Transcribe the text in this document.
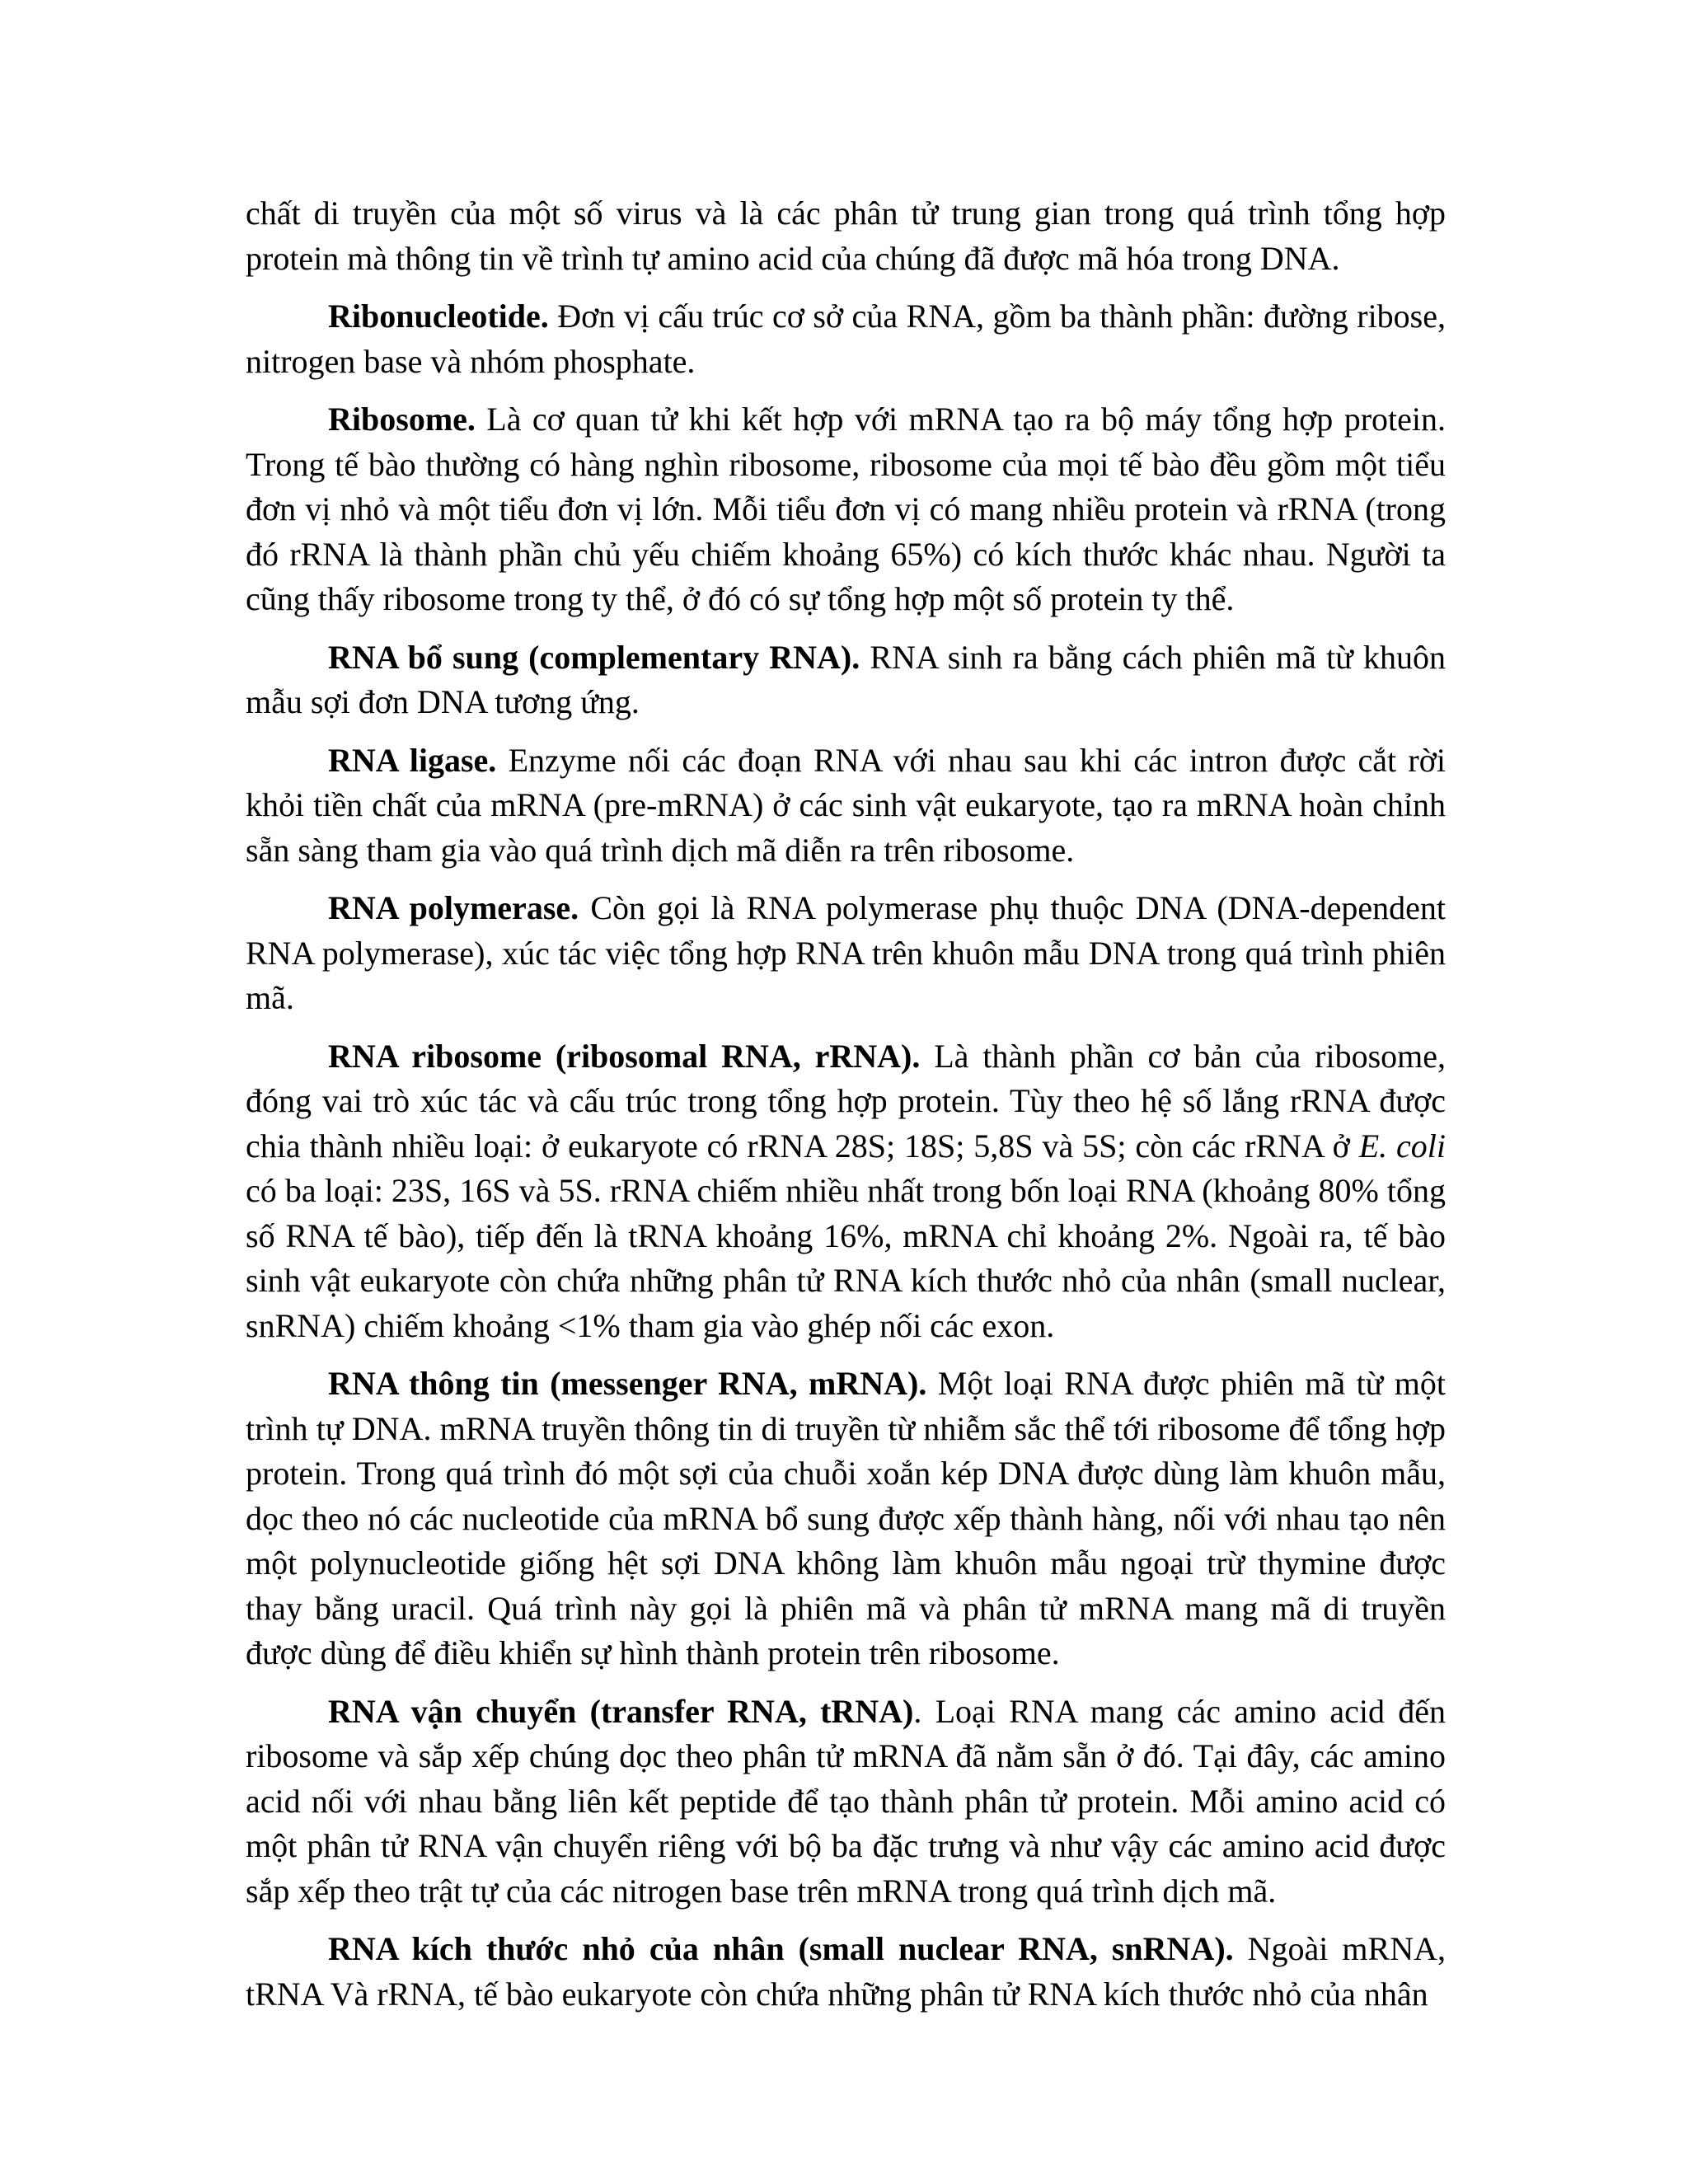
chất di truyền của một số virus và là các phân tử trung gian trong quá trình tổng hợp protein mà thông tin về trình tự amino acid của chúng đã được mã hóa trong DNA.

Ribonucleotide. Đơn vị cấu trúc cơ sở của RNA, gồm ba thành phần: đường ribose, nitrogen base và nhóm phosphate.

Ribosome. Là cơ quan tử khi kết hợp với mRNA tạo ra bộ máy tổng hợp protein. Trong tế bào thường có hàng nghìn ribosome, ribosome của mọi tế bào đều gồm một tiểu đơn vị nhỏ và một tiểu đơn vị lớn. Mỗi tiểu đơn vị có mang nhiều protein và rRNA (trong đó rRNA là thành phần chủ yếu chiếm khoảng 65%) có kích thước khác nhau. Người ta cũng thấy ribosome trong ty thể, ở đó có sự tổng hợp một số protein ty thể.

RNA bổ sung (complementary RNA). RNA sinh ra bằng cách phiên mã từ khuôn mẫu sợi đơn DNA tương ứng.

RNA ligase. Enzyme nối các đoạn RNA với nhau sau khi các intron được cắt rời khỏi tiền chất của mRNA (pre-mRNA) ở các sinh vật eukaryote, tạo ra mRNA hoàn chỉnh sẵn sàng tham gia vào quá trình dịch mã diễn ra trên ribosome.

RNA polymerase. Còn gọi là RNA polymerase phụ thuộc DNA (DNA-dependent RNA polymerase), xúc tác việc tổng hợp RNA trên khuôn mẫu DNA trong quá trình phiên mã.

RNA ribosome (ribosomal RNA, rRNA). Là thành phần cơ bản của ribosome, đóng vai trò xúc tác và cấu trúc trong tổng hợp protein. Tùy theo hệ số lắng rRNA được chia thành nhiều loại: ở eukaryote có rRNA 28S; 18S; 5,8S và 5S; còn các rRNA ở E. coli có ba loại: 23S, 16S và 5S. rRNA chiếm nhiều nhất trong bốn loại RNA (khoảng 80% tổng số RNA tế bào), tiếp đến là tRNA khoảng 16%, mRNA chỉ khoảng 2%. Ngoài ra, tế bào sinh vật eukaryote còn chứa những phân tử RNA kích thước nhỏ của nhân (small nuclear, snRNA) chiếm khoảng <1% tham gia vào ghép nối các exon.

RNA thông tin (messenger RNA, mRNA). Một loại RNA được phiên mã từ một trình tự DNA. mRNA truyền thông tin di truyền từ nhiễm sắc thể tới ribosome để tổng hợp protein. Trong quá trình đó một sợi của chuỗi xoắn kép DNA được dùng làm khuôn mẫu, dọc theo nó các nucleotide của mRNA bổ sung được xếp thành hàng, nối với nhau tạo nên một polynucleotide giống hệt sợi DNA không làm khuôn mẫu ngoại trừ thymine được thay bằng uracil. Quá trình này gọi là phiên mã và phân tử mRNA mang mã di truyền được dùng để điều khiển sự hình thành protein trên ribosome.

RNA vận chuyển (transfer RNA, tRNA). Loại RNA mang các amino acid đến ribosome và sắp xếp chúng dọc theo phân tử mRNA đã nằm sẵn ở đó. Tại đây, các amino acid nối với nhau bằng liên kết peptide để tạo thành phân tử protein. Mỗi amino acid có một phân tử RNA vận chuyển riêng với bộ ba đặc trưng và như vậy các amino acid được sắp xếp theo trật tự của các nitrogen base trên mRNA trong quá trình dịch mã.

RNA kích thước nhỏ của nhân (small nuclear RNA, snRNA). Ngoài mRNA, tRNA Và rRNA, tế bào eukaryote còn chứa những phân tử RNA kích thước nhỏ của nhân
